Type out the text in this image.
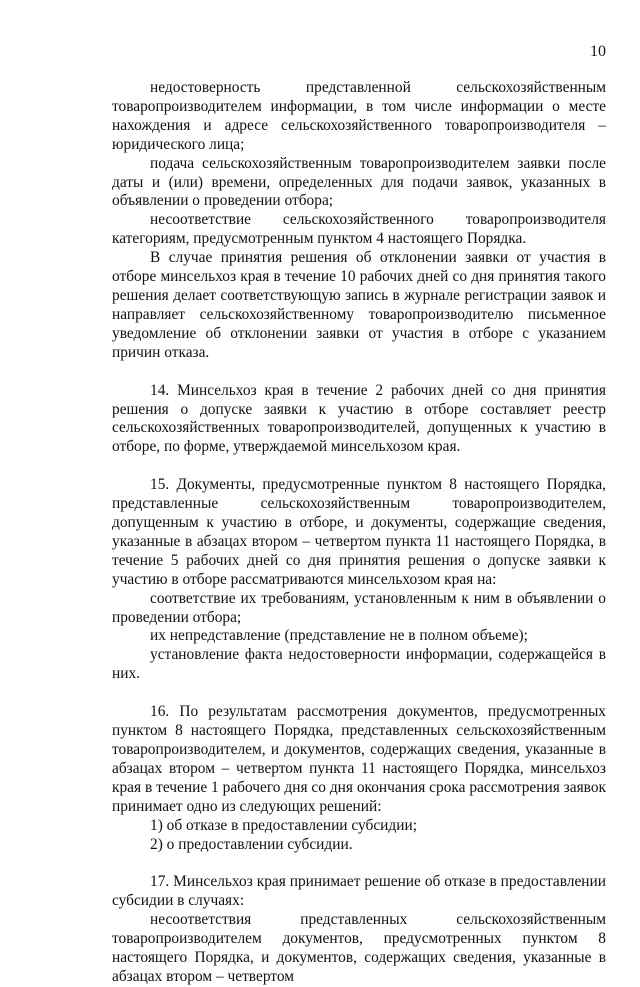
10

недостоверность представленной сельскохозяйственным товаропроизводителем информации, в том числе информации о месте нахождения и адресе сельскохозяйственного товаропроизводителя – юридического лица;

подача сельскохозяйственным товаропроизводителем заявки после даты и (или) времени, определенных для подачи заявок, указанных в объявлении о проведении отбора;

несоответствие сельскохозяйственного товаропроизводителя категориям, предусмотренным пунктом 4 настоящего Порядка.

В случае принятия решения об отклонении заявки от участия в отборе минсельхоз края в течение 10 рабочих дней со дня принятия такого решения делает соответствующую запись в журнале регистрации заявок и направляет сельскохозяйственному товаропроизводителю письменное уведомление об отклонении заявки от участия в отборе с указанием причин отказа.

14. Минсельхоз края в течение 2 рабочих дней со дня принятия решения о допуске заявки к участию в отборе составляет реестр сельскохозяйственных товаропроизводителей, допущенных к участию в отборе, по форме, утверждаемой минсельхозом края.

15. Документы, предусмотренные пунктом 8 настоящего Порядка, представленные сельскохозяйственным товаропроизводителем, допущенным к участию в отборе, и документы, содержащие сведения, указанные в абзацах втором – четвертом пункта 11 настоящего Порядка, в течение 5 рабочих дней со дня принятия решения о допуске заявки к участию в отборе рассматриваются минсельхозом края на:

соответствие их требованиям, установленным к ним в объявлении о проведении отбора;

их непредставление (представление не в полном объеме);

установление факта недостоверности информации, содержащейся в них.

16. По результатам рассмотрения документов, предусмотренных пунктом 8 настоящего Порядка, представленных сельскохозяйственным товаропроизводителем, и документов, содержащих сведения, указанные в абзацах втором – четвертом пункта 11 настоящего Порядка, минсельхоз края в течение 1 рабочего дня со дня окончания срока рассмотрения заявок принимает одно из следующих решений:

1) об отказе в предоставлении субсидии;

2) о предоставлении субсидии.

17. Минсельхоз края принимает решение об отказе в предоставлении субсидии в случаях:

несоответствия представленных сельскохозяйственным товаропроизводителем документов, предусмотренных пунктом 8 настоящего Порядка, и документов, содержащих сведения, указанные в абзацах втором – четвертом
